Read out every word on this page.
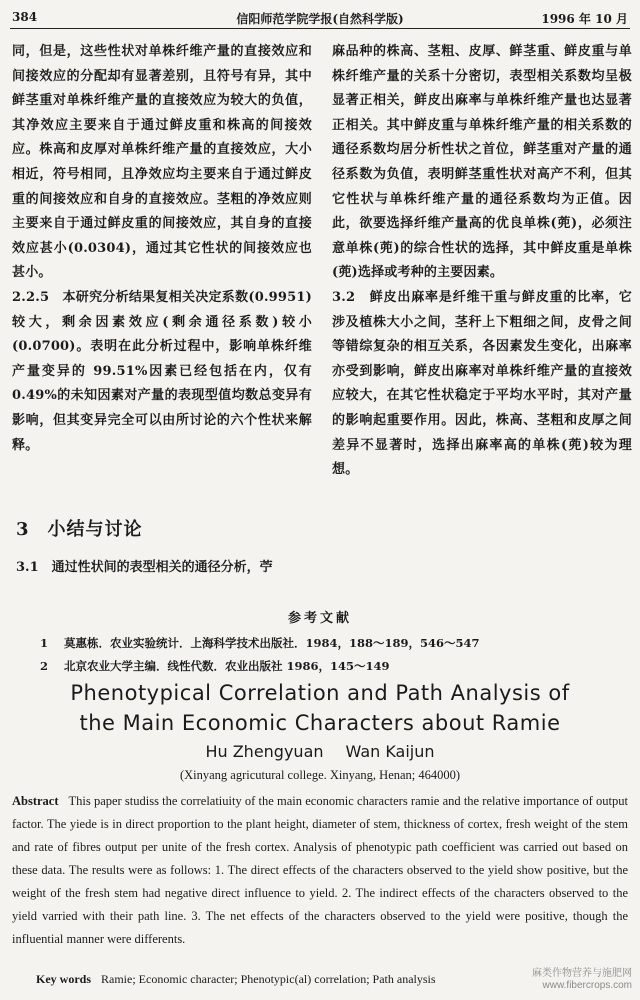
384	信阳师范学院学报(自然科学版)	1996 年 10 月

同，但是，这些性状对单株纤维产量的直接效应和间接效应的分配却有显著差别，且符号有异，其中鲜茎重对单株纤维产量的直接效应为较大的负值，其净效应主要来自于通过鲜皮重和株高的间接效应。株高和皮厚对单株纤维产量的直接效应，大小相近，符号相同，且净效应均主要来自于通过鲜皮重的间接效应和自身的直接效应。茎粗的净效应则主要来自于通过鲜皮重的间接效应，其自身的直接效应甚小(0.0304)，通过其它性状的间接效应也甚小。

2.2.5　本研究分析结果复相关决定系数(0.9951)较大，剩余因素效应(剩余通径系数)较小(0.0700)。表明在此分析过程中，影响单株纤维产量变异的 99.51%因素已经包括在内，仅有 0.49%的未知因素对产量的表现型值均数总变异有影响，但其变异完全可以由所讨论的六个性状来解释。

麻品种的株高、茎粗、皮厚、鲜茎重、鲜皮重与单株纤维产量的关系十分密切，表型相关系数均呈极显著正相关，鲜皮出麻率与单株纤维产量也达显著正相关。其中鲜皮重与单株纤维产量的相关系数的通径系数均居分析性状之首位，鲜茎重对产量的通径系数为负值，表明鲜茎重性状对高产不利，但其它性状与单株纤维产量的通径系数均为正值。因此，欲要选择纤维产量高的优良单株(蔸)，必须注意单株(蔸)的综合性状的选择，其中鲜皮重是单株(蔸)选择或考种的主要因素。

3.2　鲜皮出麻率是纤维干重与鲜皮重的比率，它涉及植株大小之间，茎秆上下粗细之间，皮骨之间等错综复杂的相互关系，各因素发生变化，出麻率亦受到影响，鲜皮出麻率对单株纤维产量的直接效应较大，在其它性状稳定于平均水平时，其对产量的影响起重要作用。因此，株高、茎粗和皮厚之间差异不显著时，选择出麻率高的单株(蔸)较为理想。

3 小结与讨论
3.1　通过性状间的表型相关的通径分析，苧
参考文献
1 莫惠栋．农业实验统计．上海科学技术出版社．1984，188～189，546～547
2 北京农业大学主编．线性代数．农业出版社 1986，145～149
Phenotypical Correlation and Path Analysis of
the Main Economic Characters about Ramie
Hu Zhengyuan Wan Kaijun
(Xinyang agricutural college. Xinyang, Henan; 464000)
Abstract This paper studiss the correlatiuity of the main economic characters ramie and the relative importance of output factor. The yiede is in direct proportion to the plant height, diameter of stem, thickness of cortex, fresh weight of the stem and rate of fibres output per unite of the fresh cortex. Analysis of phenotypic path coefficient was carried out based on these data. The results were as follows: 1. The direct effects of the characters observed to the yield show positive, but the weight of the fresh stem had negative direct influence to yield. 2. The indirect effects of the characters observed to the yield varried with their path line. 3. The net effects of the characters observed to the yield were positive, though the influential manner were differents.
Key words Ramie; Economic character; Phenotypic(al) correlation; Path analysis	麻类作物营养与施肥网
www.fibercrops.com
